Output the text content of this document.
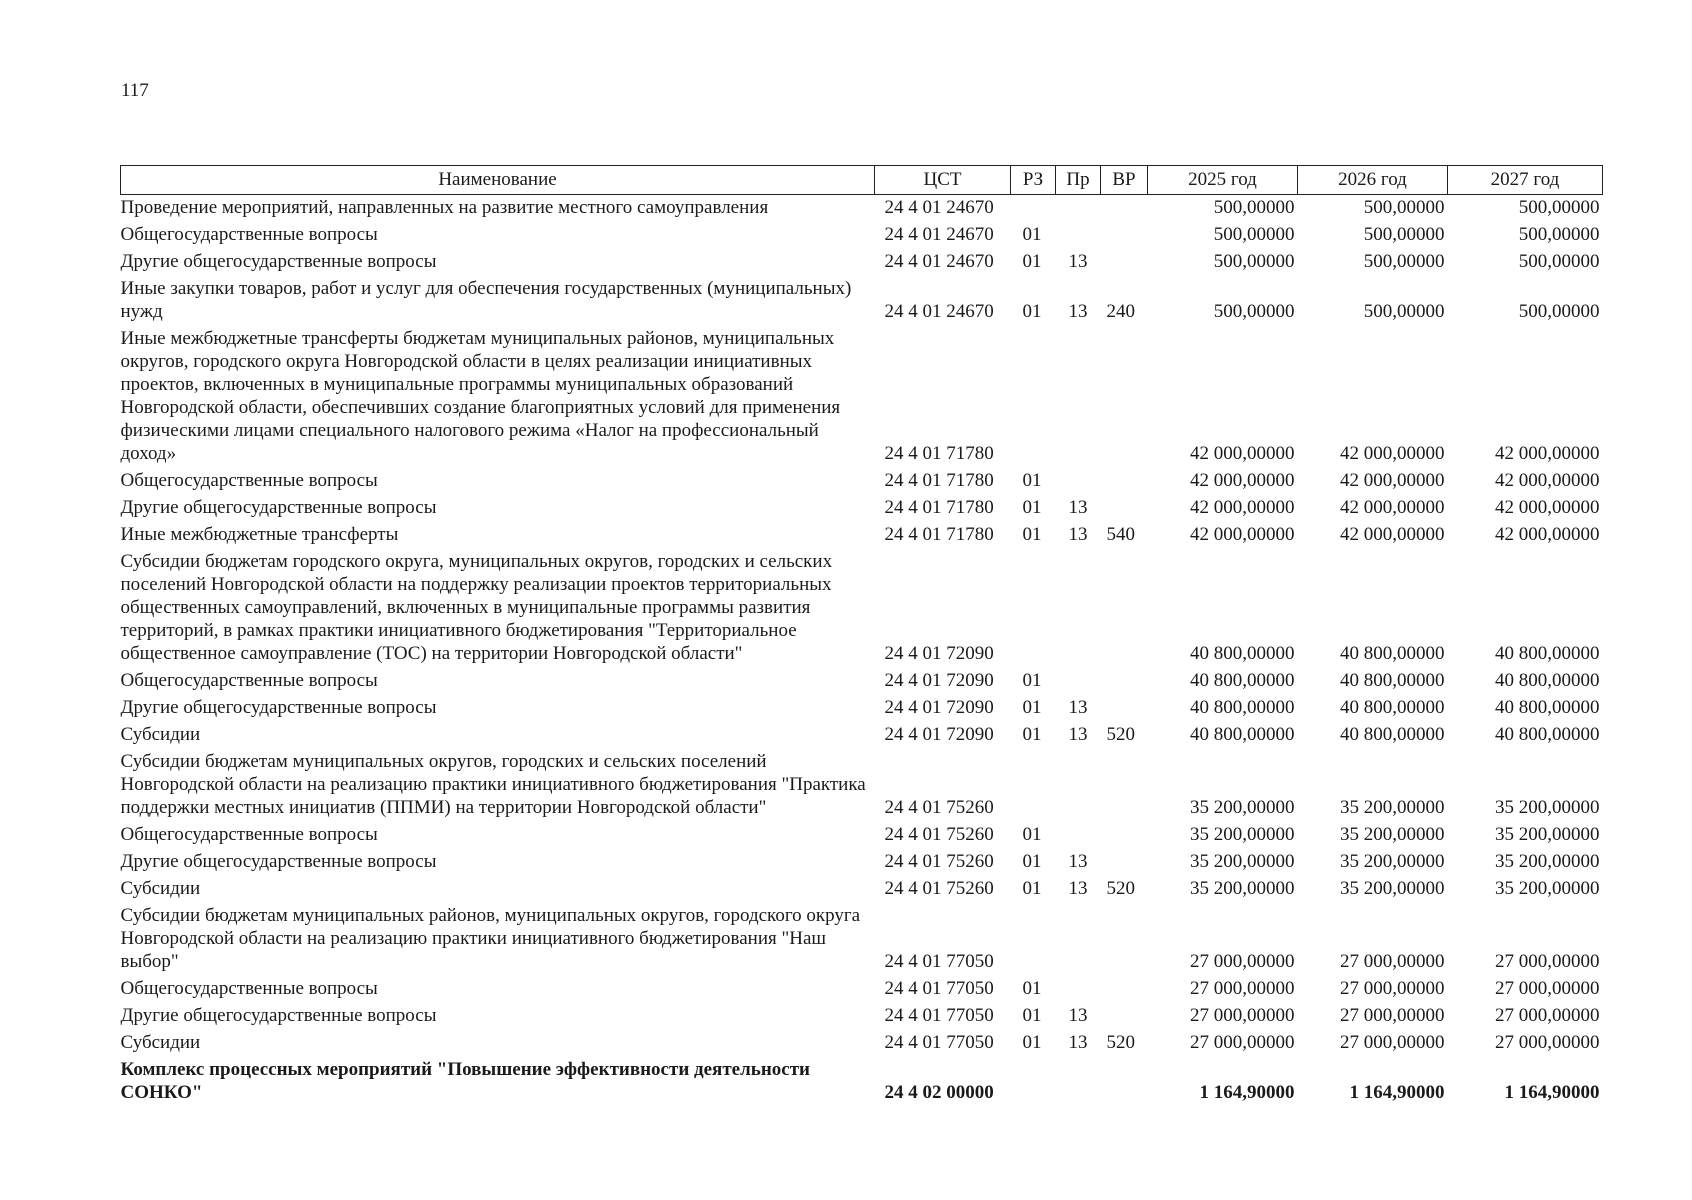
117
Наименование	ЦСТ	РЗ	Пр	ВР	2025 год	2026 год	2027 год
Проведение мероприятий, направленных на развитие местного самоуправления	24 4 01 24670				500,00000	500,00000	500,00000
Общегосударственные вопросы	24 4 01 24670	01			500,00000	500,00000	500,00000
Другие общегосударственные вопросы	24 4 01 24670	01	13		500,00000	500,00000	500,00000
Иные закупки товаров, работ и услуг для обеспечения государственных (муниципальных) нужд	24 4 01 24670	01	13	240	500,00000	500,00000	500,00000
Иные межбюджетные трансферты бюджетам муниципальных районов, муниципальных округов, городского округа Новгородской области в целях реализации инициативных проектов, включенных в муниципальные программы муниципальных образований Новгородской области, обеспечивших создание благоприятных условий для применения физическими лицами специального налогового режима «Налог на профессиональный доход»	24 4 01 71780				42 000,00000	42 000,00000	42 000,00000
Общегосударственные вопросы	24 4 01 71780	01			42 000,00000	42 000,00000	42 000,00000
Другие общегосударственные вопросы	24 4 01 71780	01	13		42 000,00000	42 000,00000	42 000,00000
Иные межбюджетные трансферты	24 4 01 71780	01	13	540	42 000,00000	42 000,00000	42 000,00000
Субсидии бюджетам городского округа, муниципальных округов, городских и сельских поселений Новгородской области на поддержку реализации проектов территориальных общественных самоуправлений, включенных в муниципальные программы развития территорий, в рамках практики инициативного бюджетирования "Территориальное общественное самоуправление (ТОС) на территории Новгородской области"	24 4 01 72090				40 800,00000	40 800,00000	40 800,00000
Общегосударственные вопросы	24 4 01 72090	01			40 800,00000	40 800,00000	40 800,00000
Другие общегосударственные вопросы	24 4 01 72090	01	13		40 800,00000	40 800,00000	40 800,00000
Субсидии	24 4 01 72090	01	13	520	40 800,00000	40 800,00000	40 800,00000
Субсидии бюджетам муниципальных округов, городских и сельских поселений Новгородской области на реализацию практики инициативного бюджетирования "Практика поддержки местных инициатив (ППМИ) на территории Новгородской области"	24 4 01 75260				35 200,00000	35 200,00000	35 200,00000
Общегосударственные вопросы	24 4 01 75260	01			35 200,00000	35 200,00000	35 200,00000
Другие общегосударственные вопросы	24 4 01 75260	01	13		35 200,00000	35 200,00000	35 200,00000
Субсидии	24 4 01 75260	01	13	520	35 200,00000	35 200,00000	35 200,00000
Субсидии бюджетам муниципальных районов, муниципальных округов, городского округа Новгородской области на реализацию практики инициативного бюджетирования "Наш выбор"	24 4 01 77050				27 000,00000	27 000,00000	27 000,00000
Общегосударственные вопросы	24 4 01 77050	01			27 000,00000	27 000,00000	27 000,00000
Другие общегосударственные вопросы	24 4 01 77050	01	13		27 000,00000	27 000,00000	27 000,00000
Субсидии	24 4 01 77050	01	13	520	27 000,00000	27 000,00000	27 000,00000
Комплекс процессных мероприятий "Повышение эффективности деятельности СОНКО"	24 4 02 00000				1 164,90000	1 164,90000	1 164,90000
